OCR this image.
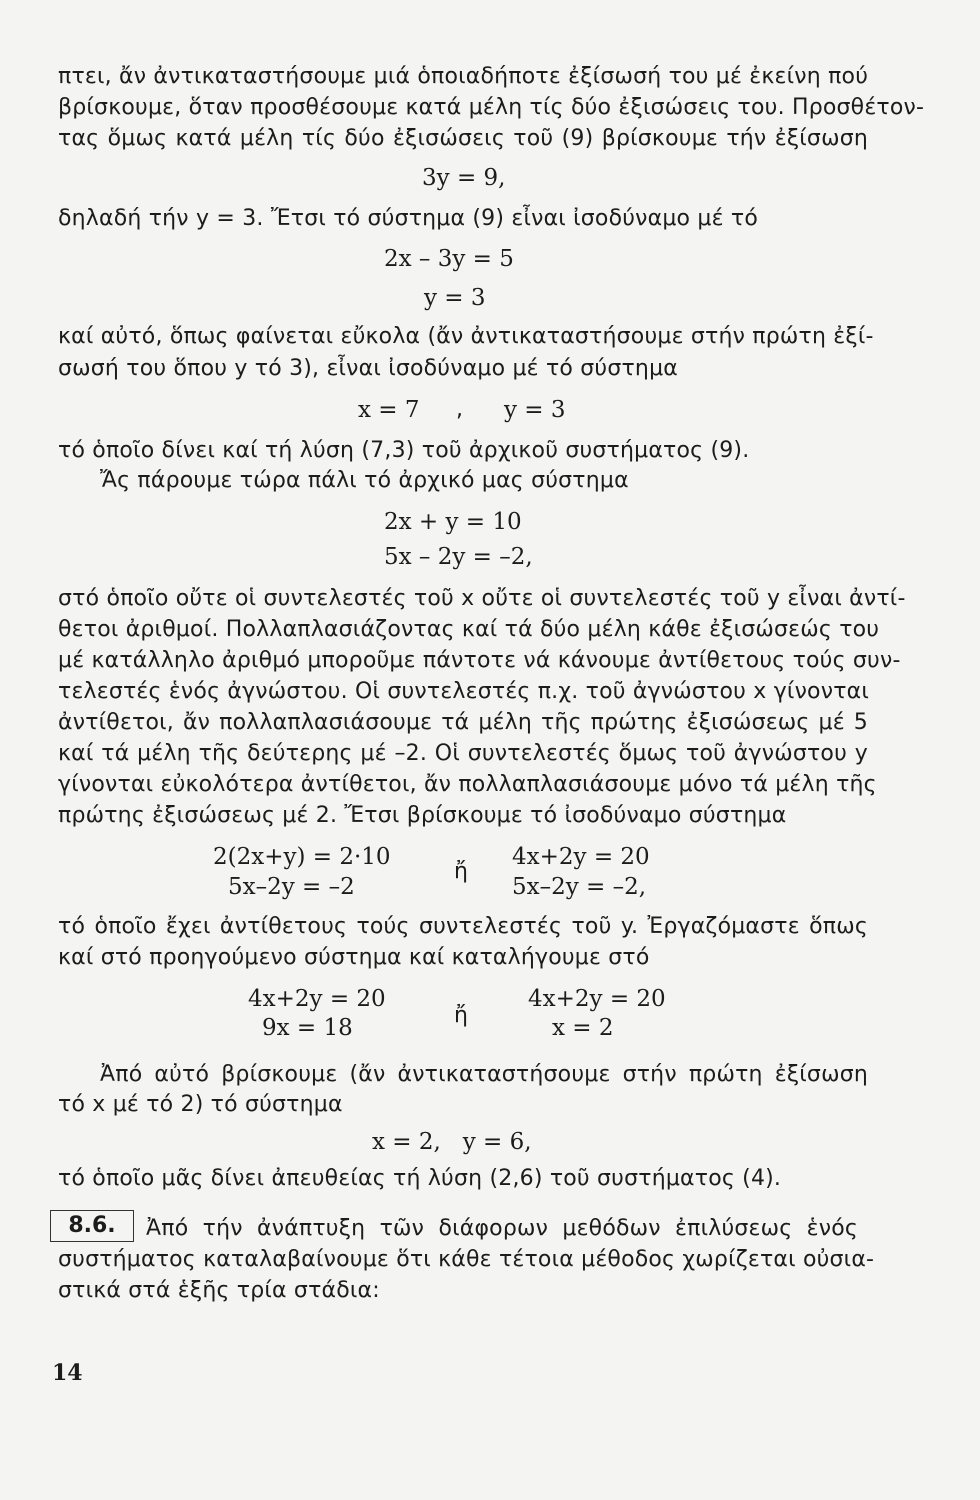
πτει, ἄν ἀντικαταστήσουμε μιά ὁποιαδήποτε ἐξίσωσή του μέ ἐκείνη πού
βρίσκουμε, ὅταν προσθέσουμε κατά μέλη τίς δύο ἐξισώσεις του. Προσθέτον-
τας ὅμως κατά μέλη τίς δύο ἐξισώσεις τοῦ (9) βρίσκουμε τήν ἐξίσωση
3y = 9,
δηλαδή τήν y = 3. Ἔτσι τό σύστημα (9) εἶναι ἰσοδύναμο μέ τό
2x – 3y = 5
y = 3
καί αὐτό, ὅπως φαίνεται εὔκολα (ἄν ἀντικαταστήσουμε στήν πρώτη ἐξί-
σωσή του ὅπου y τό 3), εἶναι ἰσοδύναμο μέ τό σύστημα
x = 7 , y = 3
τό ὁποῖο δίνει καί τή λύση (7,3) τοῦ ἀρχικοῦ συστήματος (9).
Ἄς πάρουμε τώρα πάλι τό ἀρχικό μας σύστημα
2x + y = 10
5x – 2y = –2,
στό ὁποῖο οὔτε οἱ συντελεστές τοῦ x οὔτε οἱ συντελεστές τοῦ y εἶναι ἀντί-
θετοι ἀριθμοί. Πολλαπλασιάζοντας καί τά δύο μέλη κάθε ἐξισώσεώς του
μέ κατάλληλο ἀριθμό μποροῦμε πάντοτε νά κάνουμε ἀντίθετους τούς συν-
τελεστές ἑνός ἀγνώστου. Οἱ συντελεστές π.χ. τοῦ ἀγνώστου x γίνονται
ἀντίθετοι, ἄν πολλαπλασιάσουμε τά μέλη τῆς πρώτης ἐξισώσεως μέ 5
καί τά μέλη τῆς δεύτερης μέ –2. Οἱ συντελεστές ὅμως τοῦ ἀγνώστου y
γίνονται εὐκολότερα ἀντίθετοι, ἄν πολλαπλασιάσουμε μόνο τά μέλη τῆς
πρώτης ἐξισώσεως μέ 2. Ἔτσι βρίσκουμε τό ἰσοδύναμο σύστημα
2(2x+y) = 2·10
5x–2y = –2
ἤ
4x+2y = 20
5x–2y = –2,
τό ὁποῖο ἔχει ἀντίθετους τούς συντελεστές τοῦ y. Ἐργαζόμαστε ὅπως
καί στό προηγούμενο σύστημα καί καταλήγουμε στό
4x+2y = 20
9x = 18	ἤ
4x+2y = 20
x = 2
Ἀπό αὐτό βρίσκουμε (ἄν ἀντικαταστήσουμε στήν πρώτη ἐξίσωση
τό x μέ τό 2) τό σύστημα
x = 2,   y = 6,
τό ὁποῖο μᾶς δίνει ἀπευθείας τή λύση (2,6) τοῦ συστήματος (4).
8.6.	Ἀπό τήν ἀνάπτυξη τῶν διάφορων μεθόδων ἐπιλύσεως ἑνός
συστήματος καταλαβαίνουμε ὅτι κάθε τέτοια μέθοδος χωρίζεται οὐσια-
στικά στά ἑξῆς τρία στάδια:
14
